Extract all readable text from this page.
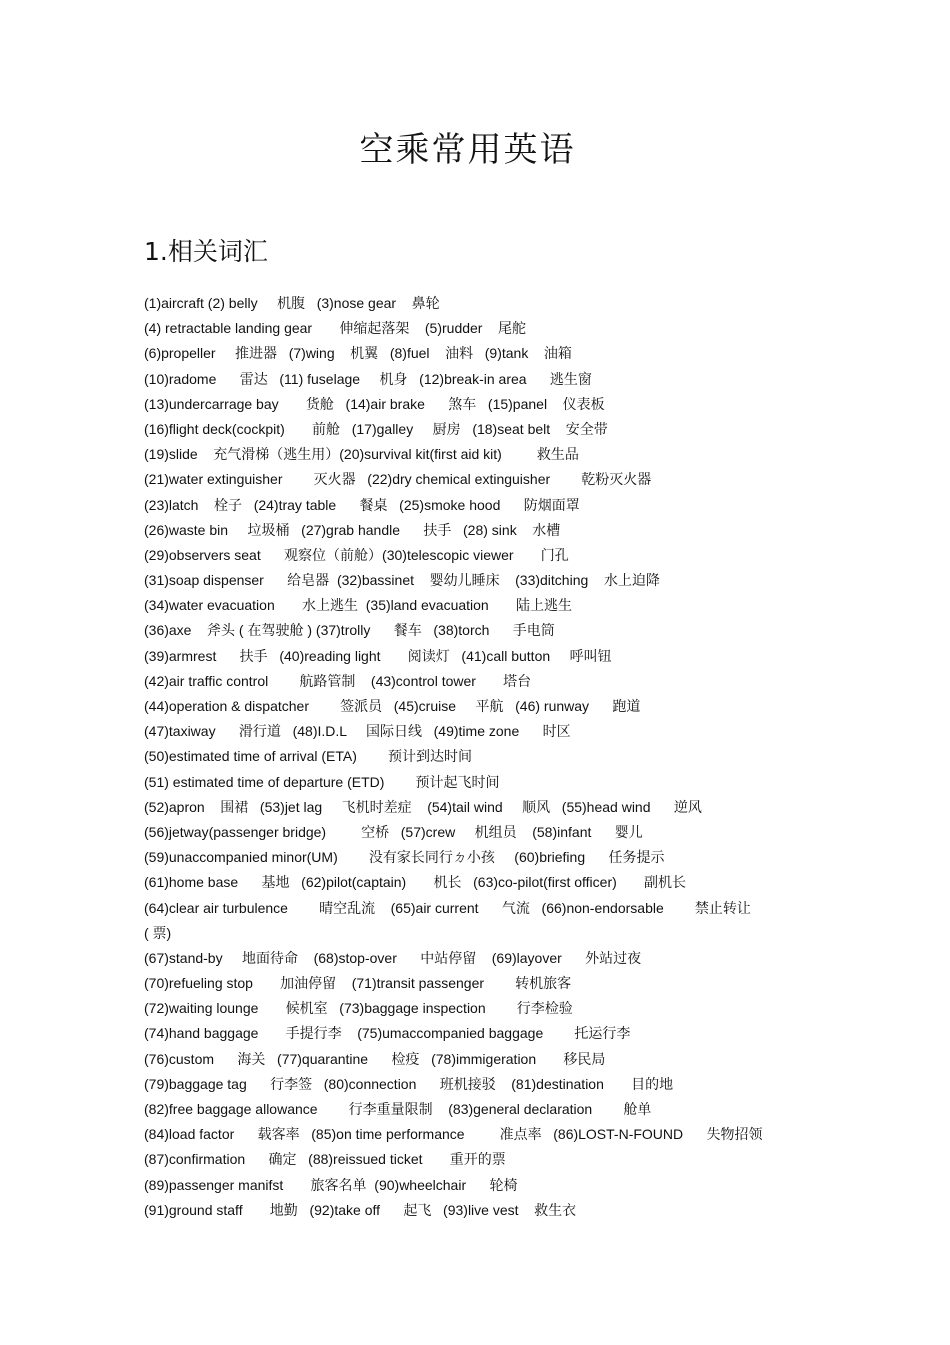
空乘常用英语
1.相关词汇
(1)aircraft (2) belly     机腹   (3)nose gear    鼻轮
(4) retractable landing gear       伸缩起落架    (5)rudder    尾舵
(6)propeller     推进器   (7)wing    机翼   (8)fuel    油料   (9)tank    油箱
(10)radome      雷达   (11) fuselage     机身   (12)break-in area      逃生窗
(13)undercarrage bay       货舱   (14)air brake      煞车   (15)panel    仪表板
(16)flight deck(cockpit)       前舱   (17)galley     厨房   (18)seat belt    安全带
(19)slide    充气滑梯（逃生用）(20)survival kit(first aid kit)         救生品
(21)water extinguisher        灭火器   (22)dry chemical extinguisher        乾粉灭火器
(23)latch    栓子   (24)tray table      餐桌   (25)smoke hood      防烟面罩
(26)waste bin     垃圾桶   (27)grab handle      扶手   (28) sink    水槽
(29)observers seat      观察位（前舱）(30)telescopic viewer       门孔
(31)soap dispenser      给皂器  (32)bassinet    婴幼儿睡床    (33)ditching    水上迫降
(34)water evacuation       水上逃生  (35)land evacuation       陆上逃生
(36)axe    斧头 ( 在驾驶舱 ) (37)trolly      餐车   (38)torch      手电筒
(39)armrest      扶手   (40)reading light       阅读灯   (41)call button     呼叫钮
(42)air traffic control        航路管制    (43)control tower       塔台
(44)operation & dispatcher        签派员   (45)cruise     平航   (46) runway      跑道
(47)taxiway      滑行道   (48)I.D.L     国际日线   (49)time zone      时区
(50)estimated time of arrival (ETA)        预计到达时间
(51) estimated time of departure (ETD)        预计起飞时间
(52)apron    围裙   (53)jet lag     飞机时差症    (54)tail wind     顺风   (55)head wind      逆风
(56)jetway(passenger bridge)         空桥   (57)crew     机组员    (58)infant      婴儿
(59)unaccompanied minor(UM)        没有家长同行ㄉ小孩     (60)briefing      任务提示
(61)home base      基地   (62)pilot(captain)       机长   (63)co-pilot(first officer)       副机长
(64)clear air turbulence        晴空乱流    (65)air current      气流   (66)non-endorsable        禁止转让
( 票)
(67)stand-by     地面待命    (68)stop-over      中站停留    (69)layover      外站过夜
(70)refueling stop       加油停留    (71)transit passenger        转机旅客
(72)waiting lounge       候机室   (73)baggage inspection        行李检验
(74)hand baggage       手提行李    (75)umaccompanied baggage        托运行李
(76)custom      海关   (77)quarantine      检疫   (78)immigeration       移民局
(79)baggage tag      行李签   (80)connection      班机接驳    (81)destination       目的地
(82)free baggage allowance        行李重量限制    (83)general declaration        舱单
(84)load factor      载客率   (85)on time performance         准点率   (86)LOST-N-FOUND      失物招领
(87)confirmation      确定   (88)reissued ticket       重开的票
(89)passenger manifst       旅客名单  (90)wheelchair      轮椅
(91)ground staff       地勤   (92)take off      起飞   (93)live vest    救生衣
